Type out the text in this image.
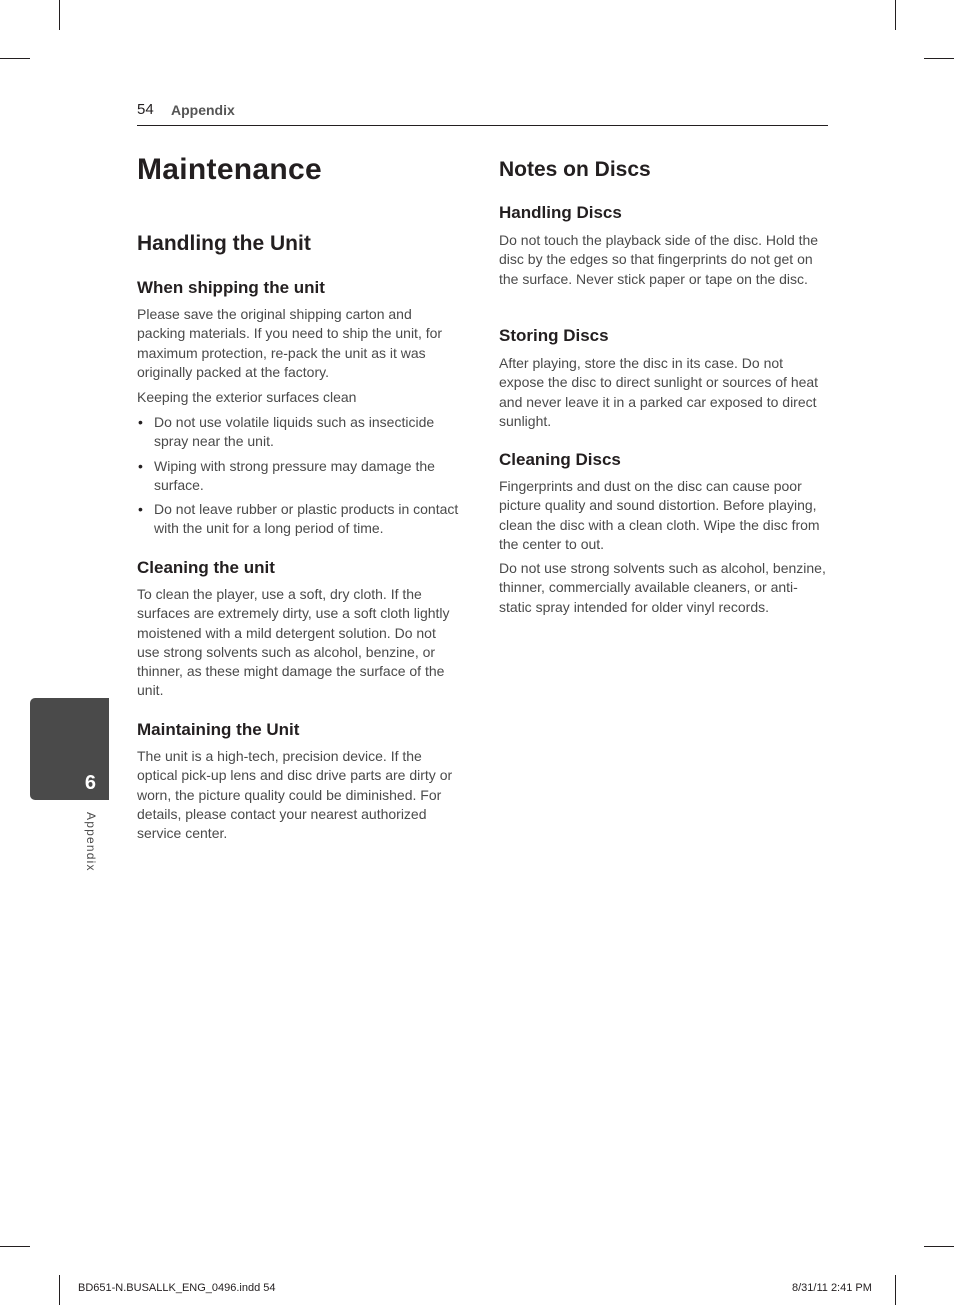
54 Appendix
Maintenance
Handling the Unit
When shipping the unit

Please save the original shipping carton and packing materials. If you need to ship the unit, for maximum protection, re-pack the unit as it was originally packed at the factory.

Keeping the exterior surfaces clean

• Do not use volatile liquids such as insecticide spray near the unit.
• Wiping with strong pressure may damage the surface.
• Do not leave rubber or plastic products in contact with the unit for a long period of time.
Cleaning the unit

To clean the player, use a soft, dry cloth. If the surfaces are extremely dirty, use a soft cloth lightly moistened with a mild detergent solution. Do not use strong solvents such as alcohol, benzine, or thinner, as these might damage the surface of the unit.

Maintaining the Unit

The unit is a high-tech, precision device. If the optical pick-up lens and disc drive parts are dirty or worn, the picture quality could be diminished. For details, please contact your nearest authorized service center.

Notes on Discs
Handling Discs

Do not touch the playback side of the disc. Hold the disc by the edges so that fingerprints do not get on the surface. Never stick paper or tape on the disc.

Storing Discs

After playing, store the disc in its case. Do not expose the disc to direct sunlight or sources of heat and never leave it in a parked car exposed to direct sunlight.

Cleaning Discs

Fingerprints and dust on the disc can cause poor picture quality and sound distortion. Before playing, clean the disc with a clean cloth. Wipe the disc from the center to out.

Do not use strong solvents such as alcohol, benzine, thinner, commercially available cleaners, or anti-static spray intended for older vinyl records.

6
Appendix
BD651-N.BUSALLK_ENG_0496.indd 54	8/31/11 2:41 PM
